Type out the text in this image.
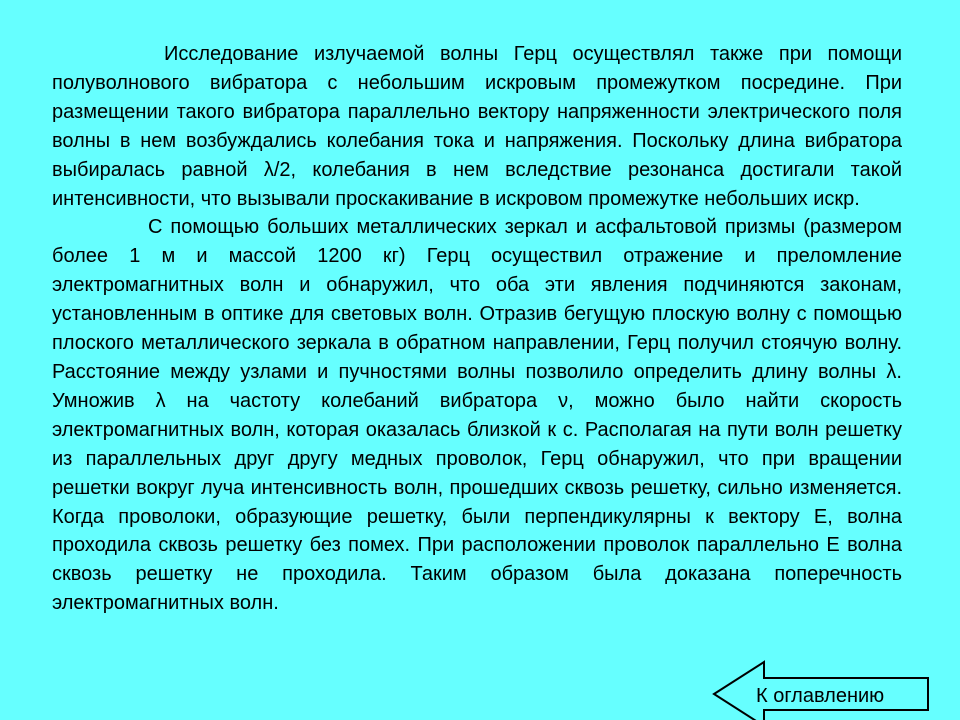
Исследование излучаемой волны Герц осуществлял также при помощи полуволнового вибратора с небольшим искровым промежутком посредине. При размещении такого вибратора параллельно вектору напряженности электрического поля волны в нем возбуждались колебания тока и напряжения. Поскольку длина вибратора выбиралась равной λ/2, колебания в нем вследствие резонанса достигали такой интенсивности, что вызывали проскакивание в искровом промежутке небольших искр.

С помощью больших металлических зеркал и асфальтовой призмы (размером более 1 м и массой 1200 кг) Герц осуществил отражение и преломление электромагнитных волн и обнаружил, что оба эти явления подчиняются законам, установленным в оптике для световых волн. Отразив бегущую плоскую волну с помощью плоского металлического зеркала в обратном направлении, Герц получил стоячую волну. Расстояние между узлами и пучностями волны позволило определить длину волны λ. Умножив λ на частоту колебаний вибратора ν, можно было найти скорость электромагнитных волн, которая оказалась близкой к с. Располагая на пути волн решетку из параллельных друг другу медных проволок, Герц обнаружил, что при вращении решетки вокруг луча интенсивность волн, прошедших сквозь решетку, сильно изменяется. Когда проволоки, образующие решетку, были перпендикулярны к вектору Е, волна проходила сквозь решетку без помех. При расположении проволок параллельно Е волна сквозь решетку не проходила. Таким образом была доказана поперечность электромагнитных волн.

К оглавлению
